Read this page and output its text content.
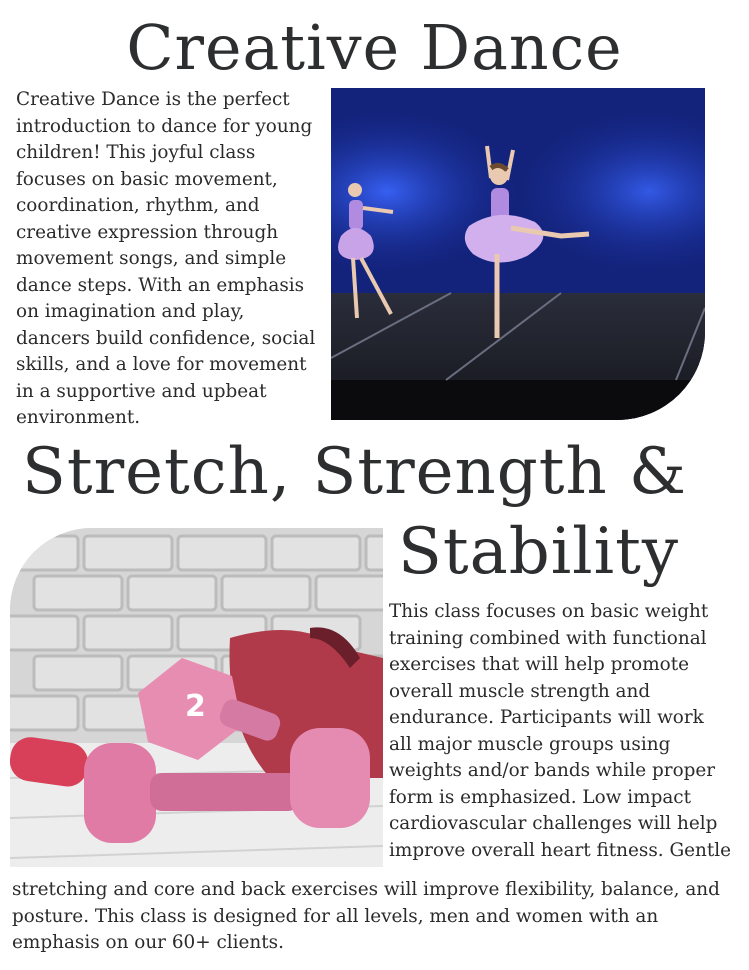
Creative Dance
Creative Dance is the perfect
introduction to dance for young
children! This joyful class
focuses on basic movement,
coordination, rhythm, and
creative expression through
movement songs, and simple
dance steps. With an emphasis
on imagination and play,
dancers build confidence, social
skills, and a love for movement
in a supportive and upbeat
environment.
Stretch, Strength &
Stability
2
This class focuses on basic weight
training combined with functional
exercises that will help promote
overall muscle strength and
endurance. Participants will work
all major muscle groups using
weights and/or bands while proper
form is emphasized. Low impact
cardiovascular challenges will help
improve overall heart fitness. Gentle
stretching and core and back exercises will improve flexibility, balance, and
posture. This class is designed for all levels, men and women with an
emphasis on our 60+ clients.
